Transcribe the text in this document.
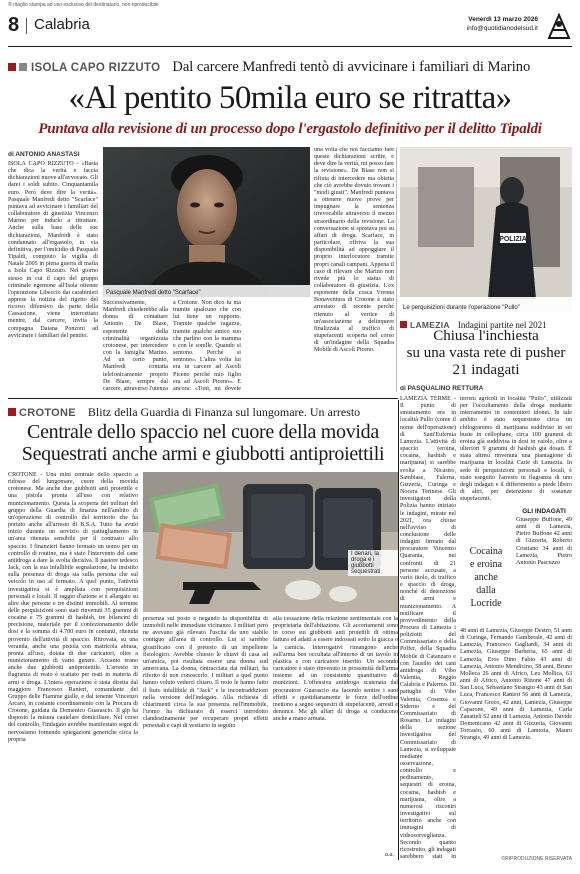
® ritaglio stampa ad uso esclusivo del destinatario, non riproducibile
8 Calabria	Venerdì 13 marzo 2026
info@quotidianodelsud.it
ISOLA CAPO RIZZUTO Dal carcere Manfredi tentò di avvicinare i familiari di Marino
«Al pentito 50mila euro se ritratta»
Puntava alla revisione di un processo dopo l'ergastolo definitivo per il delitto Tipaldi
di ANTONIO ANASTASI
ISOLA CAPO RIZZUTO - «Basta che dica la verità e faccia dichiarazioni nuove all'avvocato. Gli darei i soldi subito. Cinquantamila euro. Però deve dire la verità». Pasquale Manfredi detto "Scarface" puntava ad avvicinare i familiari del collaboratore di giustizia Vincenzo Marino per indurlo a ritrattare. Anche sulla base delle sue dichiarazioni, Manfredi è stato condannato all'ergastolo, in via definitiva, per l'omicidio di Pasquale Tipaldi, compiuto la vigilia di Natale 2005 in piena guerra di mafia a Isola Capo Rizzuto. Nel giorno stesso in cui il capo del gruppo criminale egemone all'Isola ottenne l'operazione Libeccio dai carabinieri apprese la notizia del rigetto del ricorso difensivo da parte della Cassazione, viene intercettato mentre, dal carcere, invita la compagna Daiana Ponzoni ad avvicinare i familiari del pentito.
Pasquale Manfredi detto "Scarface"
Successivamente, Manfredi chiederebbe alla donna di contattare Antonio De Biase, esponente della criminalità organizzata crotonese, per intercedere con la famiglia Marino. Ad un certo punto, Manfredi contatta telefonicamente proprio De Biase, sempre dal carcere, attraverso l'utenza
a Crotone. Non dico tu ma tramite qualcuno che con lui tiene un rapporto. Tramite qualche ragazza, tramite qualche amico suo che parlino con la mamma e con le sorelle. Quando si sentono. Perché si sentono». L'altra volta lui era in carcere ad Ascoli Piceno perché mio figlio era ad Ascoli Piceno». E ancora: «Toni, mi dovete
una volta che noi facciamo fare queste dichiarazioni scritte, e deve dire la verità, mi posso fare la revisione». De Biase non si rifiuta di intercedere ma obietta che ciò avrebbe dovuto trovare i "modi giusti". Manfredi puntava a ottenere nuove prove per impugnare la sentenza irrevocabile attraverso il mezzo straordinario della revisione. La conversazione si spostava poi su affari di droga. Scarface, in particolare, offriva la sua disponibilità ad appoggiare il proprio interlocutore tramite propri canali campani. Appena il caso di rilevare che Marino non rivede più lo status di collaboratore di giustizia. L'ex esponente della cosca Vrenna Bonaventura di Crotone è stato arrestato di recente perché ritenuto al vertice di un'associazione a delinquere finalizzata al traffico di stupefacenti scoperta nel corso di un'indagine della Squadra Mobile di Ascoli Piceno.
POLIZIA
Le perquisizioni durante l'operazione "Pullo"
LAMEZIA Indagini partite nel 2021
Chiusa l'inchiesta
su una vasta rete di pusher
21 indagati
di PASQUALINO RETTURA
LAMEZIA TERME - Il punto di smistamento era in località Pullo (come il nome dell'operazione) di Sant'Eufemia Lamezia. L'attività di spaccio (eroina, cocaina, hashish e marijuana) si sarebbe svolta a Nicastro, Sambiase, Falerna, Gizzeria, Curinga e Nocera Terinese. Gli investigatori della Polizia hanno iniziato le indagini, mirate nel 2021, ora chiuse nell'avviso di conclusione delle indagini firmato dal procuratore Vincenzo Quaranta, nei confronti di 21 persone accusate, a vario titolo, di traffico e spaccio di droga, nonché di detenzione di armi e munizionamento. A notificare il provvedimento della Procura di Lamezia i poliziotti del Commissariato e della Polfer, della Squadra Mobile di Catanzaro e con l'ausilio dei cani antidroga di Vibo Valentia, Reggio Calabria e Palermo. Di pattuglie di Vibo Valentia, Cosenza e Siderno e del Commissariato di Rosarno. Le indagini della sezione investigativa del Commissariato di Lamezia, si sviluppate mediante osservazione, controllo e pedinamento, sequestri di eroina, cocaina, hashish e marijuana, oltre a numerosi riscontri investigativi sul territorio anche con immagini di videosorveglianza. Secondo quanto ricostruito, gli indagati sarebbero stati in
terreni agricoli in località "Pullo", utilizzati per l'occultamento della droga mediante interramento in contenitori idonei. In tale ambito è stato sequestrato circa un chilogrammo di marijuana suddiviso in sei buste in cellophane, circa 100 grammi di eroina già suddivisa in dosi in vaiolo, oltre a ulteriori 9 grammi di hashish già dosati. È stata altresì rinvenuta una piantagione di marijuana in località Carie di Lamezia. In sede di perquisizioni personali e locali, è stato eseguito l'arresto in flagranza di uno degli indagati e il differimento a piede libero di altri, per detenzione di sostanze stupefacenti.
GLI INDAGATI
Cocaina
e eroina
anche
dalla Locride
Giuseppe Buffone, 49 anni di Lamezia, Pietro Buffone 42 anni di Gizzeria, Roberto Cristiano 34 anni di Lamezia, Pietro Antonio Pascuzzo
48 anni di Lamezia, Giuseppe Destro, 51 anni di Curinga, Fernando Gamberale, 42 anni di Lamezia, Francesco Gagliardi, 34 anni di Lamezia, Giuseppe Barberia, 65 anni di Lamezia, Eros Dino Fabio 43 anni di Lamezia, Antonio Mendicino, 58 anni, Bruno Molleca 26 anni di Africo, Leo Mollica, 63 anni di Africo, Antonio Rinone 47 anni di San Luca, Sebastiano Strangio 43 anni di San Luca, Francesco Ranieri 56 anni di Lamezia, Giovanni Greco, 42 anni, Lamezia, Giuseppe Caparone, 49 anni di Lamezia, Carla Zanatteli 52 anni di Lamezia, Antonio Davide Domenicano 42 anni di Gizzeria, Giovanni Torcasio, 60 anni di Lamezia, Mauro Strangis, 49 anni di Lamezia.
©RIPRODUZIONE RISERVATA
CROTONE Blitz della Guardia di Finanza sul lungomare. Un arresto
Centrale dello spaccio nel cuore della movida
Sequestrati anche armi e giubbotti antiproiettili
CROTONE - Una mini centrale dello spaccio a ridosso del lungomare, cuore della movida crotonese. Ma anche due giubbotti anti proiettile e una pistola pronta all'uso con relativo munizionamento. Questa la scoperta dei militari del gruppo della Guardia di finanza nell'ambito di un'operazione di controllo del territorio che ha portato anche all'arresto di B.S.A. Tutto ha avuto inizio durante un servizio di pattugliamento in un'area ritenuta sensibile per il contrasto allo spaccio. I finanzieri hanno fermato un uomo per un controllo di routine, ma è stato l'intervento del cane antidroga a dare la svolta decisiva. Il pastore tedesco Jack, con la sua infallibile segnalazione, ha insistito sulla presenza di droga sia sulla persona che sul veicolo in uso al fermato. A quel punto, l'attività investigativa si è ampliata con perquisizioni personali e locali. Il raggio d'azione si è allargato su altre due persone e tre distinti immobili. Al termine delle perquisizioni sono stati rinvenuti 35 grammi di cocaina e 75 grammi di hashish, tre bilancini di precisione, materiale per il confezionamento delle dosi e la somma di 4.700 euro in contanti, ritenuta provento dell'attività di spaccio. Ritrovata, su una veranda, anche una pistola con matricola abrasa, pronta all'uso, dotata di due caricatori, oltre a munizionamento di vario genere. Accanto erano anche due giubbotti antiproiettile. L'arresto in flagranza di reato è scattato per reati in materia di armi e droga. L'intera operazione è stata diretta dal maggiore Francesco Ranieri, comandante del Gruppo delle Fiamme gialle, e dal tenente Vincenzo Arcaro, in costante coordinamento con la Procura di Crotone, guidata da Domenico Guarascio. Il gip ha disposto la misura cautelare domiciliare. Nel corso del controllo, l'indagato avrebbe manifestato segni di nervosismo fornendo spiegazioni generiche circa la propria
I denari, la droga e i giubbotti sequestrati
presenza sul posto e negando la disponibilità di immobili nelle immediate vicinanze. I militari però ne avevano già rilevato l'uscita da uno stabile contiguo all'area di controllo. Lui si sarebbe giustificato con il pretesto di un impellente fisiologico. Avrebbe chiesto le chiavi di casa ad un'amica, poi risultata essere una donna sud americana. La donna, rintracciata dai militari, ha riferito di non conoscerlo. I militari a quel punto hanno voluto vederci chiaro. Il resto le hanno fatto il fiuto infallibile di "Jack" e le incontraddizioni nella versione dell'indagato. Alla richiesta di chiarimenti circa la sua presenza nell'immobile, l'uomo ha dichiarato di esserci introdotto clandestinamente per recuperare propri effetti personali e capi di vestiario in seguito
alla cessazione della relazione sentimentale con la proprietaria dell'abitazione. Gli accertamenti sono in corso sui giubbotti anti proiettili di ottima fattura ed adatti a essere indossati sotto la giacca o la camicia. Interrogativi rimangono anche sull'arma ben occultata all'interno di un tavolo in plastica e con caricatore inserito. Un secondo caricatore è stato rinvenuto in prossimità dell'arma insieme ad un consistente quantitativo di munizioni. L'offensiva antidroga scatenata dal procuratore Guarascio sta facendo sentire i suoi effetti e quotidianamente le forze dell'ordine mettono a segno sequestri di stupefacenti, arresti e denunce. Ma gli affari di droga si conducono anche a mano armata.
a.a.
